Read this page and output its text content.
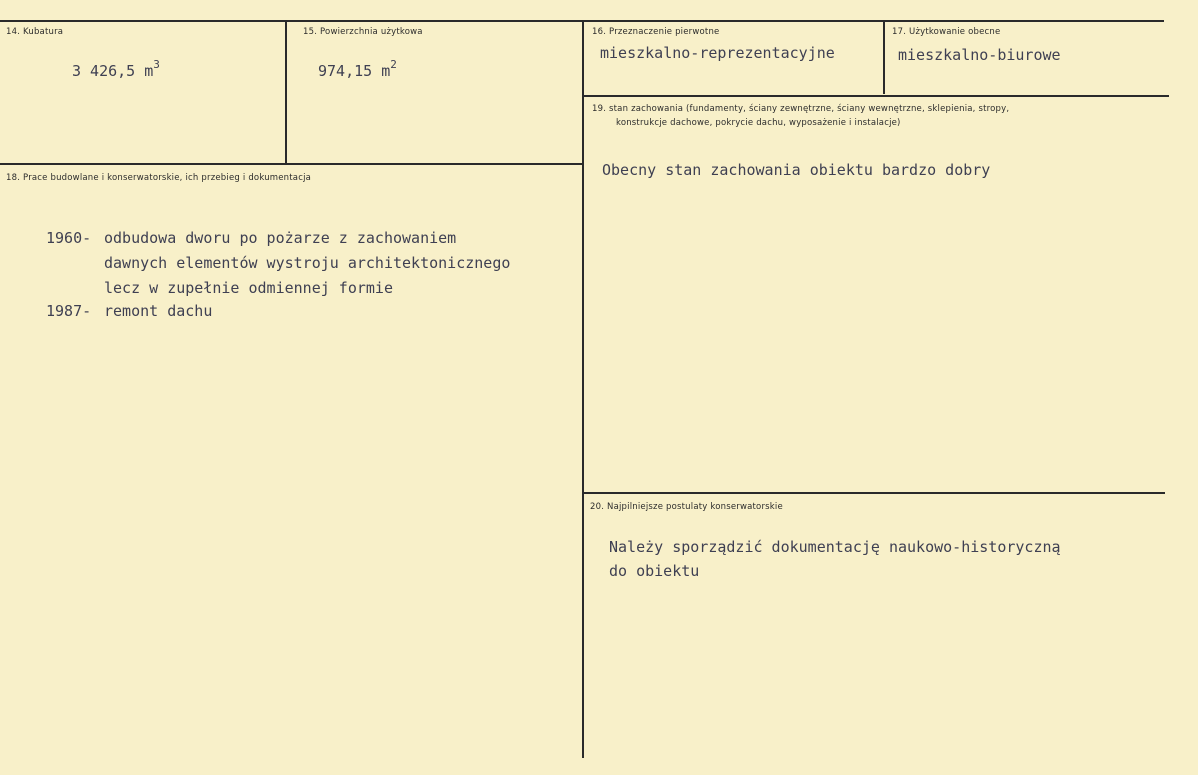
14. Kubatura
3 426,5 $m^3$
15. Powierzchnia użytkowa
974,15 $m^2$
16. Przeznaczenie pierwotne
mieszkalno-reprezentacyjne
17. Użytkowanie obecne
mieszkalno-biurowe
18. Prace budowlane i konserwatorskie, ich przebieg i dokumentacja
1960- odbudowa dworu po pożarze z zachowaniem
dawnych elementów wystroju architektonicznego
lecz w zupełnie odmiennej formie
1987- remont dachu
19. stan zachowania (fundamenty, ściany zewnętrzne, ściany wewnętrzne, sklepienia, stropy,
konstrukcje dachowe, pokrycie dachu, wyposażenie i instalacje)
Obecny stan zachowania obiektu bardzo dobry
20. Najpilniejsze postulaty konserwatorskie
Należy sporządzić dokumentację naukowo-historyczną
do obiektu
